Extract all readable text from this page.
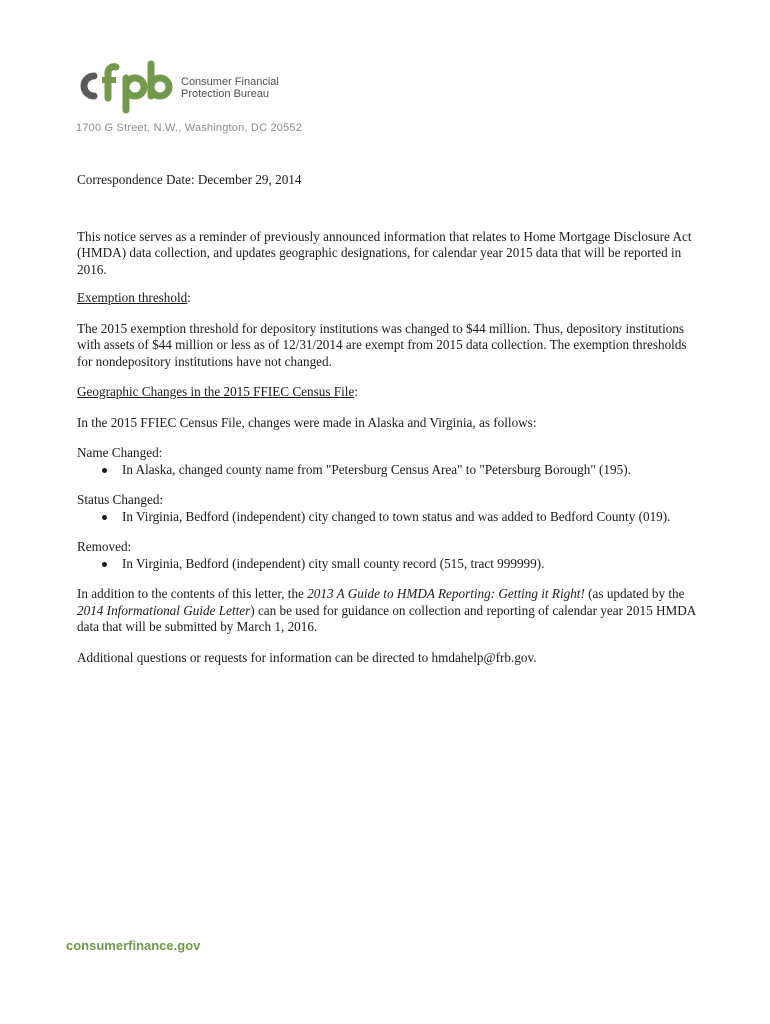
Consumer Financial
Protection Bureau
1700 G Street, N.W., Washington, DC 20552

Correspondence Date: December 29, 2014

This notice serves as a reminder of previously announced information that relates to Home Mortgage Disclosure Act (HMDA) data collection, and updates geographic designations, for calendar year 2015 data that will be reported in 2016.

Exemption threshold:

The 2015 exemption threshold for depository institutions was changed to $44 million. Thus, depository institutions with assets of $44 million or less as of 12/31/2014 are exempt from 2015 data collection. The exemption thresholds for nondepository institutions have not changed.

Geographic Changes in the 2015 FFIEC Census File:

In the 2015 FFIEC Census File, changes were made in Alaska and Virginia, as follows:

Name Changed:

In Alaska, changed county name from "Petersburg Census Area" to "Petersburg Borough" (195).

Status Changed:

In Virginia, Bedford (independent) city changed to town status and was added to Bedford County (019).

Removed:

In Virginia, Bedford (independent) city small county record (515, tract 999999).

In addition to the contents of this letter, the 2013 A Guide to HMDA Reporting: Getting it Right! (as updated by the 2014 Informational Guide Letter) can be used for guidance on collection and reporting of calendar year 2015 HMDA data that will be submitted by March 1, 2016.

Additional questions or requests for information can be directed to hmdahelp@frb.gov.

consumerfinance.gov
